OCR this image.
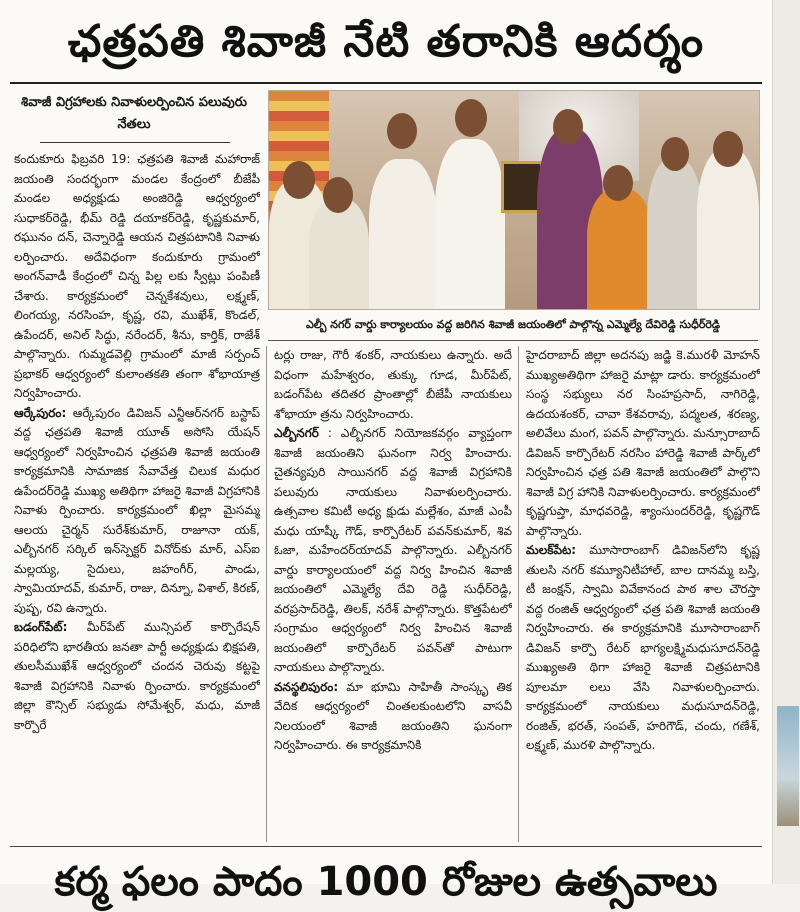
ఛత్రపతి శివాజీ నేటి తరానికి ఆదర్శం
శివాజీ విగ్రహాలకు నివాళులర్పించిన పలువురు నేతలు
ఎల్బీ నగర్ వార్డు కార్యాలయం వద్ద జరిగిన శివాజీ జయంతిలో పాల్గొన్న ఎమ్మెల్యే దేవిరెడ్డి సుధీర్‌రెడ్డి

కందుకూరు ఫిబ్రవరి 19: ఛత్రపతి శివాజీ మహారాజ్ జయంతి సందర్భంగా మండల కేంద్రంలో బీజేపీ మండల అధ్యక్షుడు అంజిరెడ్డి ఆధ్వర్యంలో సుధాకర్‌రెడ్డి, భీమ్ రెడ్డి దయాకర్‌రెడ్డి, కృష్ణకుమార్, రఘునం దన్, చెన్నారెడ్డి ఆయన చిత్రపటానికి నివాళు లర్పించారు. అదేవిధంగా కందుకూరు గ్రామంలో అంగన్‌వాడీ కేంద్రంలో చిన్న పిల్ల లకు స్వీట్లు పంపిణీ చేశారు. కార్యక్రమంలో చెన్నకేశవులు, లక్ష్మణ్, లింగయ్య, నరసింహ, కృష్ణ, రవి, ముఖేశ్, కొండల్, ఉపేందర్, అనిల్ సిద్ధు, నరేందర్, శీను, కార్తిక్, రాజేశ్ పాల్గొన్నారు. గుమ్మడవెల్లి గ్రామంలో మాజీ సర్పంచ్ ప్రభాకర్ ఆధ్వర్యంలో కులాంతకతి తంగా శోభాయాత్ర నిర్వహించారు.

ఆర్కేపురం: ఆర్కేపురం డివిజన్ ఎన్టీఆర్‌నగర్ బస్టాప్ వద్ద ఛత్రపతి శివాజీ యూత్ అసోసి యేషన్ ఆధ్వర్యంలో నిర్వహించిన ఛత్రపతి శివాజీ జయంతి కార్యక్రమానికి సామాజిక సేవావేత్త చిలుక మధుర ఉపేందర్‌రెడ్డి ముఖ్య అతిథిగా హాజరై శివాజీ విగ్రహానికి నివాళు ర్పించారు. కార్యక్రమంలో ఖిల్లా మైసమ్మ ఆలయ చైర్మన్ సురేశ్‌కుమార్, రాజూనా యక్, ఎల్బీనగర్ సర్కిల్ ఇన్‌స్పెక్టర్ వినోద్‌కు మార్, ఎస్ఐ మల్లయ్య, సైదులు, జహంగీర్, పాండు, స్వామియాదవ్, కుమార్, రాజు, దిన్నూ, విశాల్, కిరణ్, పుష్ప, రవి ఉన్నారు.

బడంగ్‌పేట్: మీర్‌పేట్ మున్సిపల్ కార్పొరేషన్ పరిధిలోని భారతీయ జనతా పార్టీ అధ్యక్షుడు భిక్షపతి, తులసీముఖేశ్ ఆధ్వర్యంలో చందన చెరువు కట్టపై శివాజీ విగ్రహానికి నివాళు ర్పించారు. కార్యక్రమంలో జిల్లా కౌన్సిల్ సభ్యుడు సోమేశ్వర్, మధు, మాజీ కార్పొరే

టర్లు రాజు, గౌరీ శంకర్, నాయకులు ఉన్నారు. అదే విధంగా మహేశ్వరం, తుక్కు గూడ, మీర్‌పేట్, బడంగ్‌పేట తదితర ప్రాంతాల్లో బీజేపీ నాయకులు శోభాయా త్రను నిర్వహించారు.

ఎల్బీనగర్ : ఎల్బీనగర్ నియోజకవర్గం వ్యాప్తంగా శివాజీ జయంతిని ఘనంగా నిర్వ హించారు. చైతన్యపురి సాయినగర్ వద్ద శివాజీ విగ్రహానికి పలువురు నాయకులు నివాళులర్పించారు. ఉత్సవాల కమిటీ అధ్య క్షుడు మల్లేశం, మాజీ ఎంపీ మధు యాష్కీ గౌడ్, కార్పొరేటర్ పవన్‌కుమార్, శివ ఓజా, మహేందర్‌యాదవ్ పాల్గొన్నారు. ఎల్బీనగర్ వార్డు కార్యాలయంలో వద్ద నిర్వ హించిన శివాజీ జయంతిలో ఎమ్మెల్యే దేవి రెడ్డి సుధీర్‌రెడ్డి, వరప్రసాద్‌రెడ్డి, తిలక్, నరేశ్ పాల్గొన్నారు. కొత్తపేటలో సంగ్రామం ఆధ్వర్యంలో నిర్వ హించిన శివాజీ జయంతిలో కార్పొరేటర్ పవన్‌తో పాటుగా నాయకులు పాల్గొన్నారు.

వనస్థలిపురం: మా భూమి సాహితీ సాంస్కృ తిక వేదిక ఆధ్వర్యంలో చింతలకుంటలోని వాసవీ నిలయంలో శివాజీ జయంతిని ఘనంగా నిర్వహించారు. ఈ కార్యక్రమానికి

హైదరాబాద్ జిల్లా అదనపు జడ్జి కె.మురళీ మోహన్ ముఖ్యఅతిథిగా హాజరై మాట్లా డారు. కార్యక్రమంలో సంస్థ సభ్యులు నర సింహప్రసాద్, నాగిరెడ్డి, ఉదయశంకర్, చావా కేశవరావు, పద్మలత, శరణ్య, అలివేలు మంగ, పవన్ పాల్గొన్నారు. మన్సూరాబాద్ డివిజన్ కార్పొరేటర్ నరసిం హారెడ్డి శివాజీ పార్క్‌లో నిర్వహించిన ఛత్ర పతి శివాజీ జయంతిలో పాల్గొని శివాజీ విగ్ర హానికి నివాళులర్పించారు. కార్యక్రమంలో కృష్ణగుప్తా, మాధవరెడ్డి, శ్యాంసుందర్‌రెడ్డి, కృష్ణగౌడ్ పాల్గొన్నారు.

మలక్‌పేట: మూసారాంబాగ్ డివిజన్‌లోని కృష్ణ తులసి నగర్ కమ్యూనిటీహాల్, బాల దానమ్మ బస్తి, టీ జంక్షన్, స్వామి వివేకానంద పాఠ శాల చౌరస్తా వద్ద రంజిత్ ఆధ్వర్యంలో ఛత్ర పతి శివాజీ జయంతి నిర్వహించారు. ఈ కార్యక్రమానికి మూసారాంబాగ్ డివిజన్ కార్పొ రేటర్ భాగ్యలక్ష్మిమధుసూదన్‌రెడ్డి ముఖ్యఅతి థిగా హాజరై శివాజీ చిత్రపటానికి పూలమా లలు వేసి నివాళులర్పించారు. కార్యక్రమంలో నాయకులు మధుసూదన్‌రెడ్డి, రంజిత్, భరత్, సంపత్, హరిగౌడ్, చందు, గణేశ్, లక్ష్మణ్, మురళి పాల్గొన్నారు.

కర్మ ఫలం పాదం 1000 రోజుల ఉత్సవాలు
